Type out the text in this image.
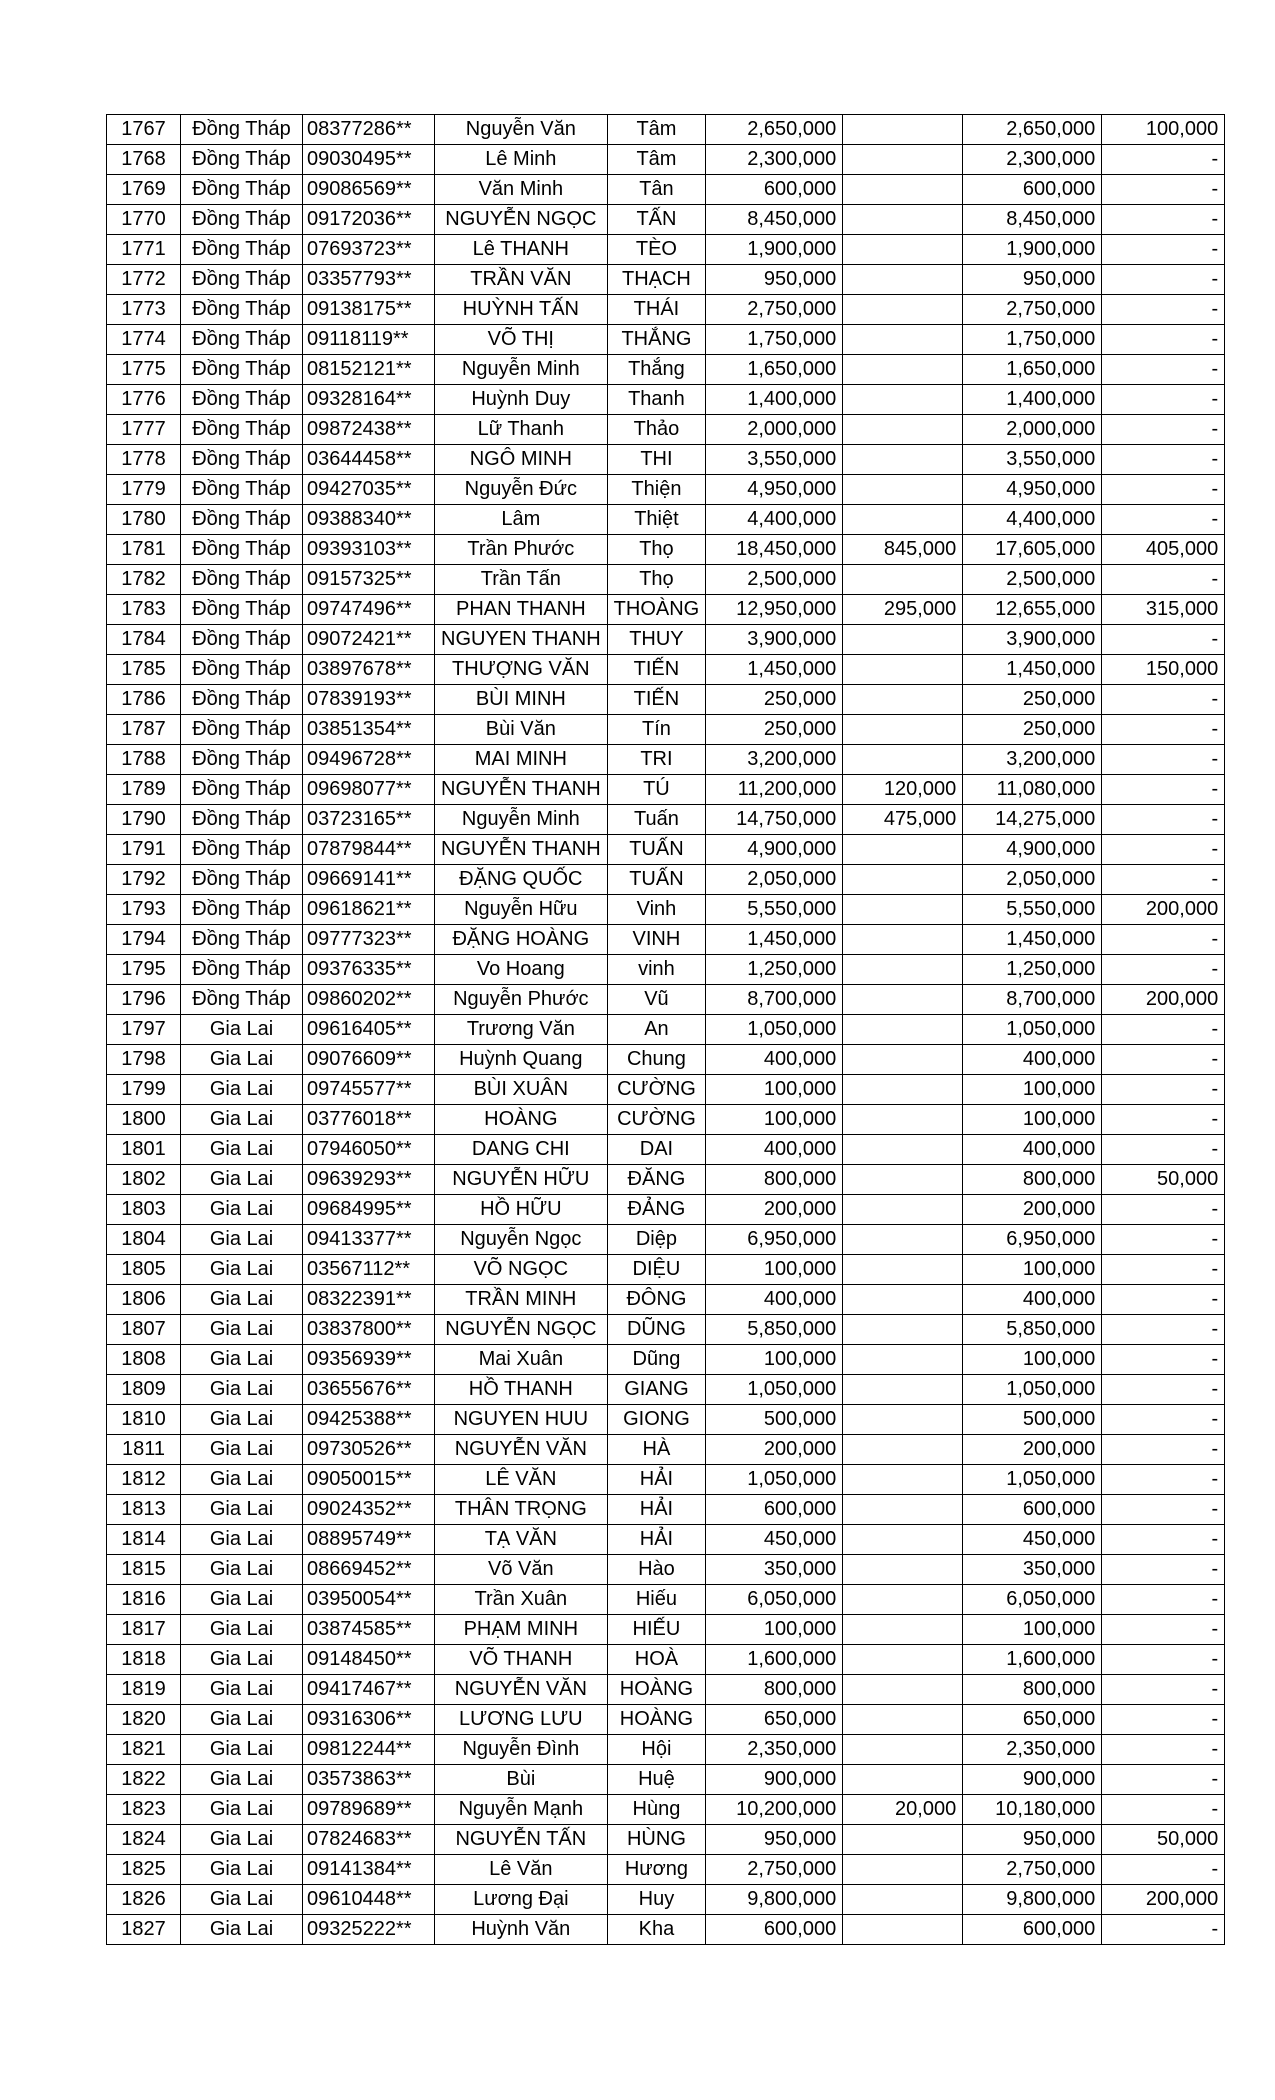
1767	Đồng Tháp	08377286**	Nguyễn Văn	Tâm	2,650,000		2,650,000	100,000
1768	Đồng Tháp	09030495**	Lê Minh	Tâm	2,300,000		2,300,000	-
1769	Đồng Tháp	09086569**	Văn Minh	Tân	600,000		600,000	-
1770	Đồng Tháp	09172036**	NGUYỄN NGỌC	TẤN	8,450,000		8,450,000	-
1771	Đồng Tháp	07693723**	Lê THANH	TÈO	1,900,000		1,900,000	-
1772	Đồng Tháp	03357793**	TRẦN VĂN	THẠCH	950,000		950,000	-
1773	Đồng Tháp	09138175**	HUỲNH TẤN	THÁI	2,750,000		2,750,000	-
1774	Đồng Tháp	09118119**	VÕ THỊ	THẮNG	1,750,000		1,750,000	-
1775	Đồng Tháp	08152121**	Nguyễn Minh	Thắng	1,650,000		1,650,000	-
1776	Đồng Tháp	09328164**	Huỳnh Duy	Thanh	1,400,000		1,400,000	-
1777	Đồng Tháp	09872438**	Lữ Thanh	Thảo	2,000,000		2,000,000	-
1778	Đồng Tháp	03644458**	NGÔ MINH	THI	3,550,000		3,550,000	-
1779	Đồng Tháp	09427035**	Nguyễn Đức	Thiện	4,950,000		4,950,000	-
1780	Đồng Tháp	09388340**	Lâm	Thiệt	4,400,000		4,400,000	-
1781	Đồng Tháp	09393103**	Trần Phước	Thọ	18,450,000	845,000	17,605,000	405,000
1782	Đồng Tháp	09157325**	Trần Tấn	Thọ	2,500,000		2,500,000	-
1783	Đồng Tháp	09747496**	PHAN THANH	THOÀNG	12,950,000	295,000	12,655,000	315,000
1784	Đồng Tháp	09072421**	NGUYEN THANH	THUY	3,900,000		3,900,000	-
1785	Đồng Tháp	03897678**	THƯỢNG VĂN	TIẾN	1,450,000		1,450,000	150,000
1786	Đồng Tháp	07839193**	BÙI MINH	TIẾN	250,000		250,000	-
1787	Đồng Tháp	03851354**	Bùi Văn	Tín	250,000		250,000	-
1788	Đồng Tháp	09496728**	MAI MINH	TRI	3,200,000		3,200,000	-
1789	Đồng Tháp	09698077**	NGUYỄN THANH	TÚ	11,200,000	120,000	11,080,000	-
1790	Đồng Tháp	03723165**	Nguyễn Minh	Tuấn	14,750,000	475,000	14,275,000	-
1791	Đồng Tháp	07879844**	NGUYỄN THANH	TUẤN	4,900,000		4,900,000	-
1792	Đồng Tháp	09669141**	ĐẶNG QUỐC	TUẤN	2,050,000		2,050,000	-
1793	Đồng Tháp	09618621**	Nguyễn Hữu	Vinh	5,550,000		5,550,000	200,000
1794	Đồng Tháp	09777323**	ĐẶNG HOÀNG	VINH	1,450,000		1,450,000	-
1795	Đồng Tháp	09376335**	Vo Hoang	vinh	1,250,000		1,250,000	-
1796	Đồng Tháp	09860202**	Nguyễn Phước	Vũ	8,700,000		8,700,000	200,000
1797	Gia Lai	09616405**	Trương Văn	An	1,050,000		1,050,000	-
1798	Gia Lai	09076609**	Huỳnh Quang	Chung	400,000		400,000	-
1799	Gia Lai	09745577**	BÙI XUÂN	CƯỜNG	100,000		100,000	-
1800	Gia Lai	03776018**	HOÀNG	CƯỜNG	100,000		100,000	-
1801	Gia Lai	07946050**	DANG CHI	DAI	400,000		400,000	-
1802	Gia Lai	09639293**	NGUYỄN HỮU	ĐĂNG	800,000		800,000	50,000
1803	Gia Lai	09684995**	HỒ HỮU	ĐẢNG	200,000		200,000	-
1804	Gia Lai	09413377**	Nguyễn Ngọc	Diệp	6,950,000		6,950,000	-
1805	Gia Lai	03567112**	VÕ NGỌC	DIỆU	100,000		100,000	-
1806	Gia Lai	08322391**	TRẦN MINH	ĐÔNG	400,000		400,000	-
1807	Gia Lai	03837800**	NGUYỄN NGỌC	DŨNG	5,850,000		5,850,000	-
1808	Gia Lai	09356939**	Mai Xuân	Dũng	100,000		100,000	-
1809	Gia Lai	03655676**	HỒ THANH	GIANG	1,050,000		1,050,000	-
1810	Gia Lai	09425388**	NGUYEN HUU	GIONG	500,000		500,000	-
1811	Gia Lai	09730526**	NGUYỄN VĂN	HÀ	200,000		200,000	-
1812	Gia Lai	09050015**	LÊ VĂN	HẢI	1,050,000		1,050,000	-
1813	Gia Lai	09024352**	THÂN TRỌNG	HẢI	600,000		600,000	-
1814	Gia Lai	08895749**	TẠ VĂN	HẢI	450,000		450,000	-
1815	Gia Lai	08669452**	Võ Văn	Hào	350,000		350,000	-
1816	Gia Lai	03950054**	Trần Xuân	Hiếu	6,050,000		6,050,000	-
1817	Gia Lai	03874585**	PHẠM MINH	HIẾU	100,000		100,000	-
1818	Gia Lai	09148450**	VÕ THANH	HOÀ	1,600,000		1,600,000	-
1819	Gia Lai	09417467**	NGUYỄN VĂN	HOÀNG	800,000		800,000	-
1820	Gia Lai	09316306**	LƯƠNG LƯU	HOÀNG	650,000		650,000	-
1821	Gia Lai	09812244**	Nguyễn Đình	Hội	2,350,000		2,350,000	-
1822	Gia Lai	03573863**	Bùi	Huệ	900,000		900,000	-
1823	Gia Lai	09789689**	Nguyễn Mạnh	Hùng	10,200,000	20,000	10,180,000	-
1824	Gia Lai	07824683**	NGUYỄN TẤN	HÙNG	950,000		950,000	50,000
1825	Gia Lai	09141384**	Lê Văn	Hương	2,750,000		2,750,000	-
1826	Gia Lai	09610448**	Lương Đại	Huy	9,800,000		9,800,000	200,000
1827	Gia Lai	09325222**	Huỳnh Văn	Kha	600,000		600,000	-
